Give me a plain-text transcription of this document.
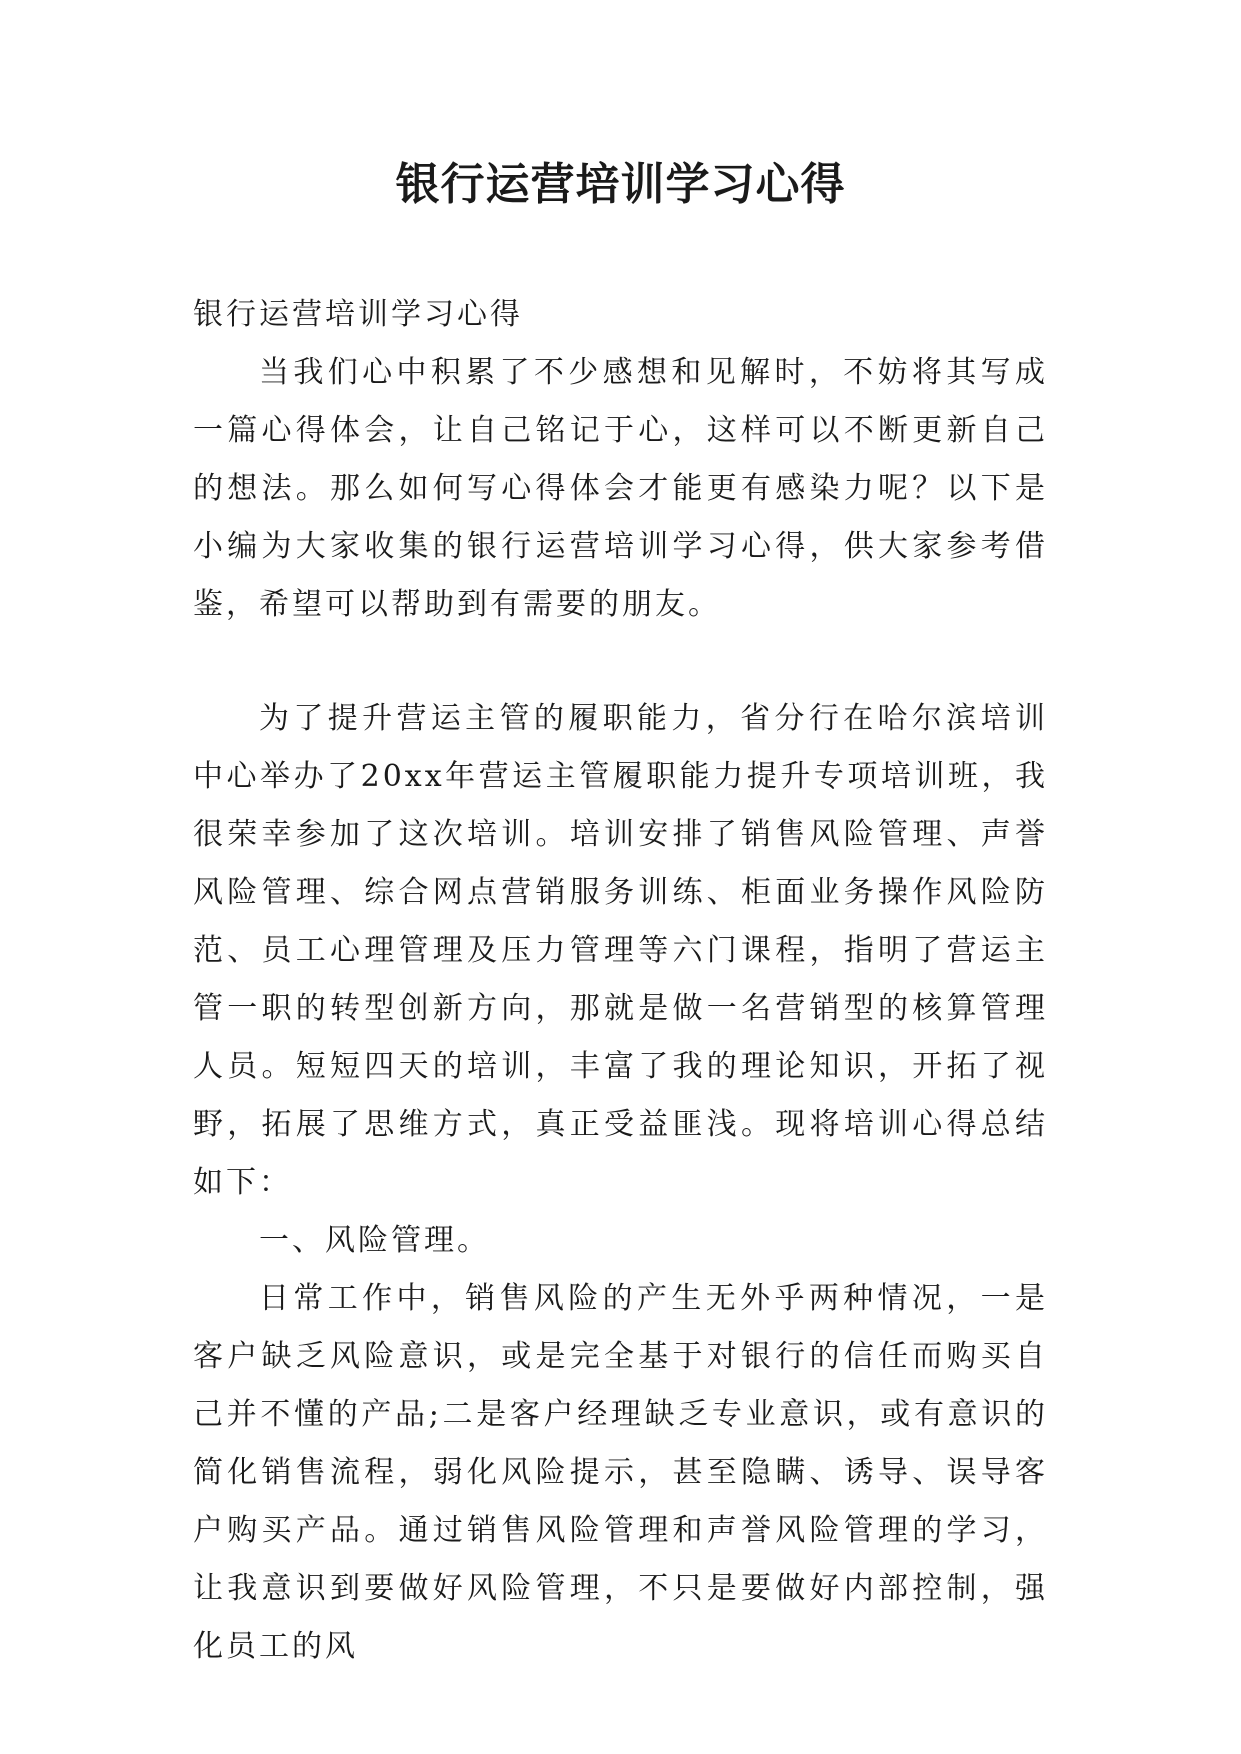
银行运营培训学习心得

银行运营培训学习心得

当我们心中积累了不少感想和见解时，不妨将其写成一篇心得体会，让自己铭记于心，这样可以不断更新自己的想法。那么如何写心得体会才能更有感染力呢？以下是小编为大家收集的银行运营培训学习心得，供大家参考借鉴，希望可以帮助到有需要的朋友。

为了提升营运主管的履职能力，省分行在哈尔滨培训中心举办了20xx年营运主管履职能力提升专项培训班，我很荣幸参加了这次培训。培训安排了销售风险管理、声誉风险管理、综合网点营销服务训练、柜面业务操作风险防范、员工心理管理及压力管理等六门课程，指明了营运主管一职的转型创新方向，那就是做一名营销型的核算管理人员。短短四天的培训，丰富了我的理论知识，开拓了视野，拓展了思维方式，真正受益匪浅。现将培训心得总结如下：

一、风险管理。

日常工作中，销售风险的产生无外乎两种情况，一是客户缺乏风险意识，或是完全基于对银行的信任而购买自己并不懂的产品;二是客户经理缺乏专业意识，或有意识的简化销售流程，弱化风险提示，甚至隐瞒、诱导、误导客户购买产品。通过销售风险管理和声誉风险管理的学习，让我意识到要做好风险管理，不只是要做好内部控制，强化员工的风
